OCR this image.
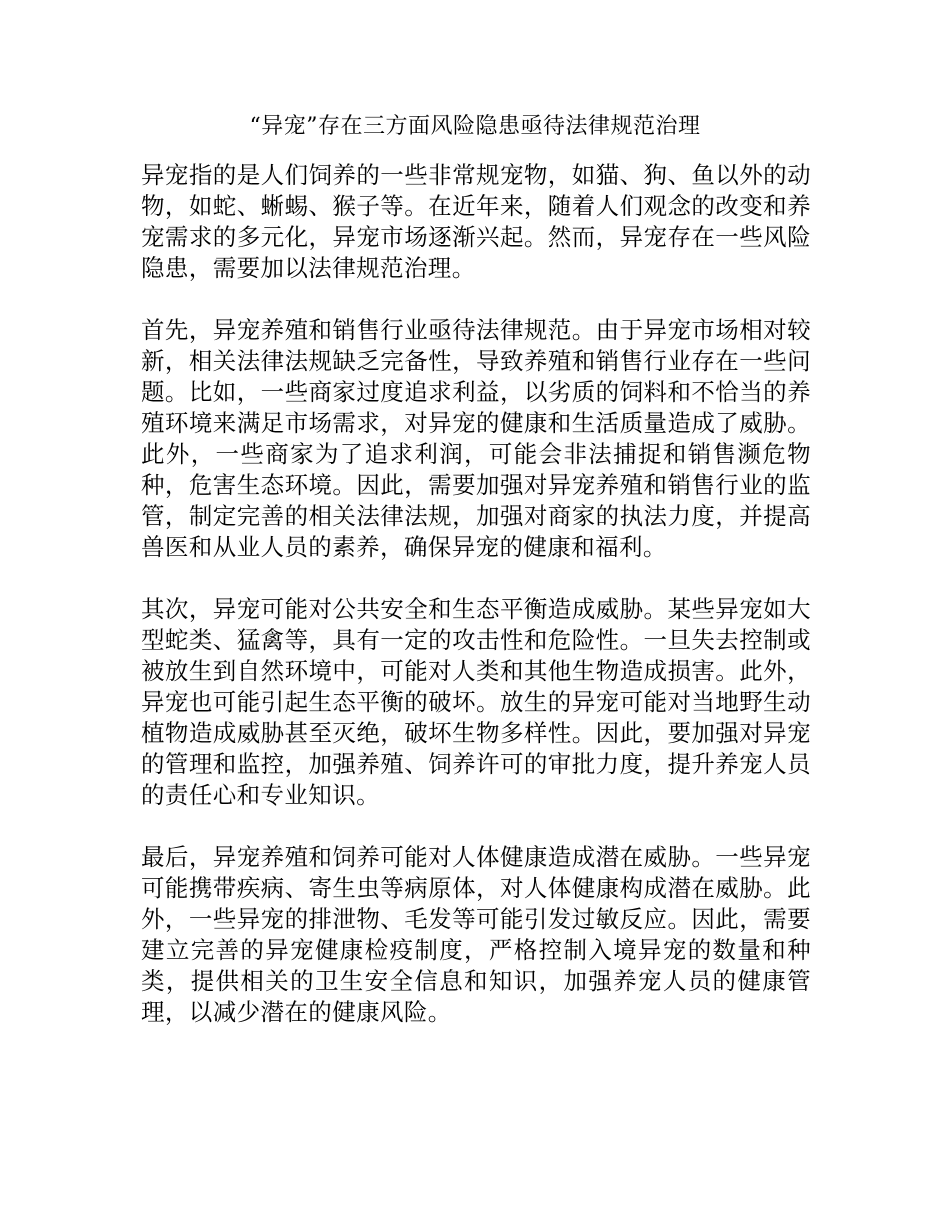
“异宠”存在三方面风险隐患亟待法律规范治理

异宠指的是人们饲养的一些非常规宠物，如猫、狗、鱼以外的动物，如蛇、蜥蜴、猴子等。在近年来，随着人们观念的改变和养宠需求的多元化，异宠市场逐渐兴起。然而，异宠存在一些风险隐患，需要加以法律规范治理。

首先，异宠养殖和销售行业亟待法律规范。由于异宠市场相对较新，相关法律法规缺乏完备性，导致养殖和销售行业存在一些问题。比如，一些商家过度追求利益，以劣质的饲料和不恰当的养殖环境来满足市场需求，对异宠的健康和生活质量造成了威胁。此外，一些商家为了追求利润，可能会非法捕捉和销售濒危物种，危害生态环境。因此，需要加强对异宠养殖和销售行业的监管，制定完善的相关法律法规，加强对商家的执法力度，并提高兽医和从业人员的素养，确保异宠的健康和福利。

其次，异宠可能对公共安全和生态平衡造成威胁。某些异宠如大型蛇类、猛禽等，具有一定的攻击性和危险性。一旦失去控制或被放生到自然环境中，可能对人类和其他生物造成损害。此外，异宠也可能引起生态平衡的破坏。放生的异宠可能对当地野生动植物造成威胁甚至灭绝，破坏生物多样性。因此，要加强对异宠的管理和监控，加强养殖、饲养许可的审批力度，提升养宠人员的责任心和专业知识。

最后，异宠养殖和饲养可能对人体健康造成潜在威胁。一些异宠可能携带疾病、寄生虫等病原体，对人体健康构成潜在威胁。此外，一些异宠的排泄物、毛发等可能引发过敏反应。因此，需要建立完善的异宠健康检疫制度，严格控制入境异宠的数量和种类，提供相关的卫生安全信息和知识，加强养宠人员的健康管理，以减少潜在的健康风险。
